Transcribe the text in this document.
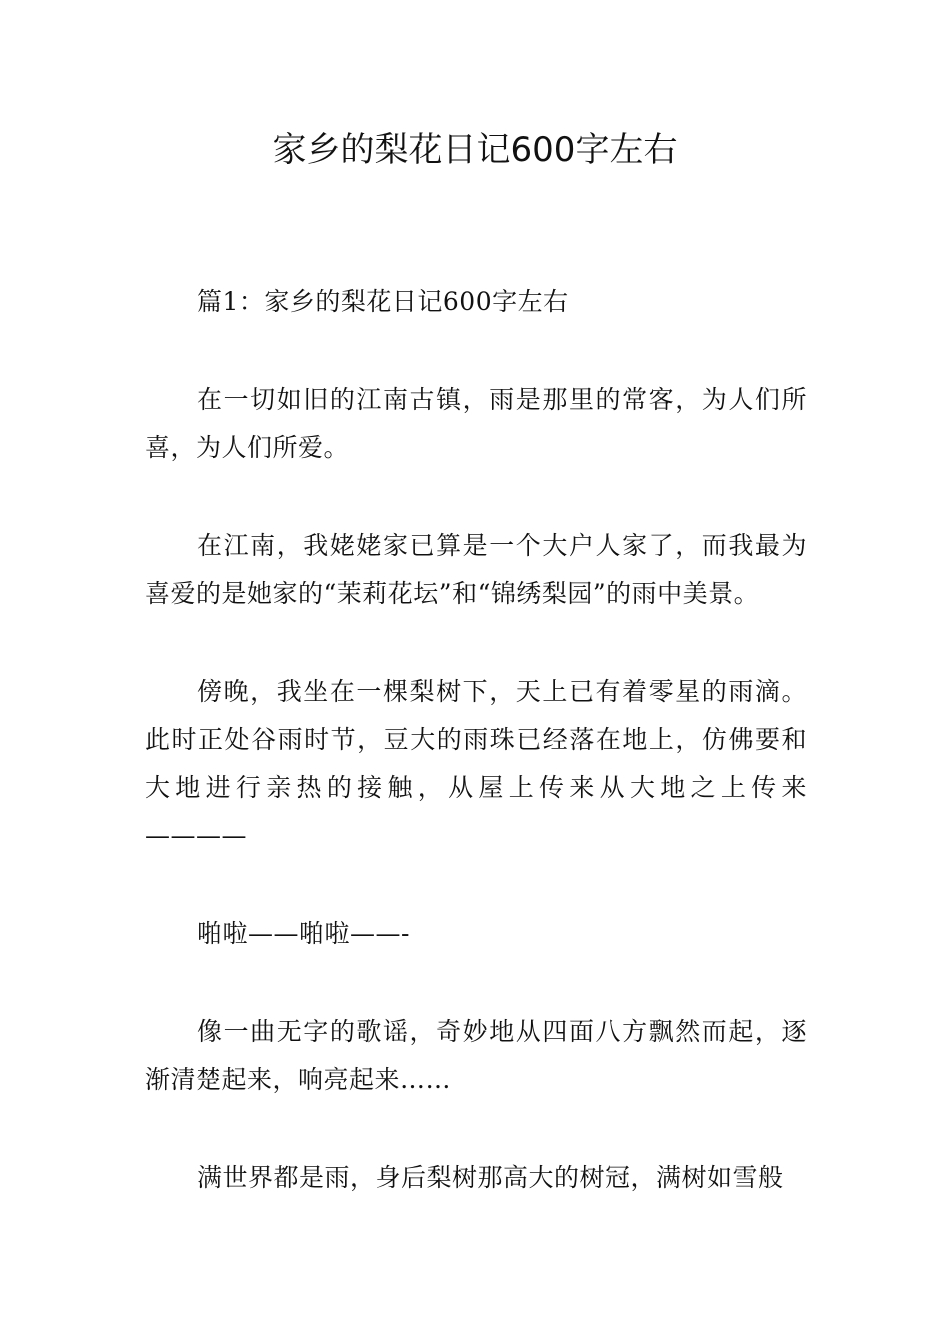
家乡的梨花日记600字左右

篇1：家乡的梨花日记600字左右

在一切如旧的江南古镇，雨是那里的常客，为人们所喜，为人们所爱。

在江南，我姥姥家已算是一个大户人家了，而我最为喜爱的是她家的“茉莉花坛”和“锦绣梨园”的雨中美景。

傍晚，我坐在一棵梨树下，天上已有着零星的雨滴。此时正处谷雨时节，豆大的雨珠已经落在地上，仿佛要和大地进行亲热的接触，从屋上传来从大地之上传来————

啪啦——啪啦——-

像一曲无字的歌谣，奇妙地从四面八方飘然而起，逐渐清楚起来，响亮起来……

满世界都是雨，身后梨树那高大的树冠，满树如雪般
